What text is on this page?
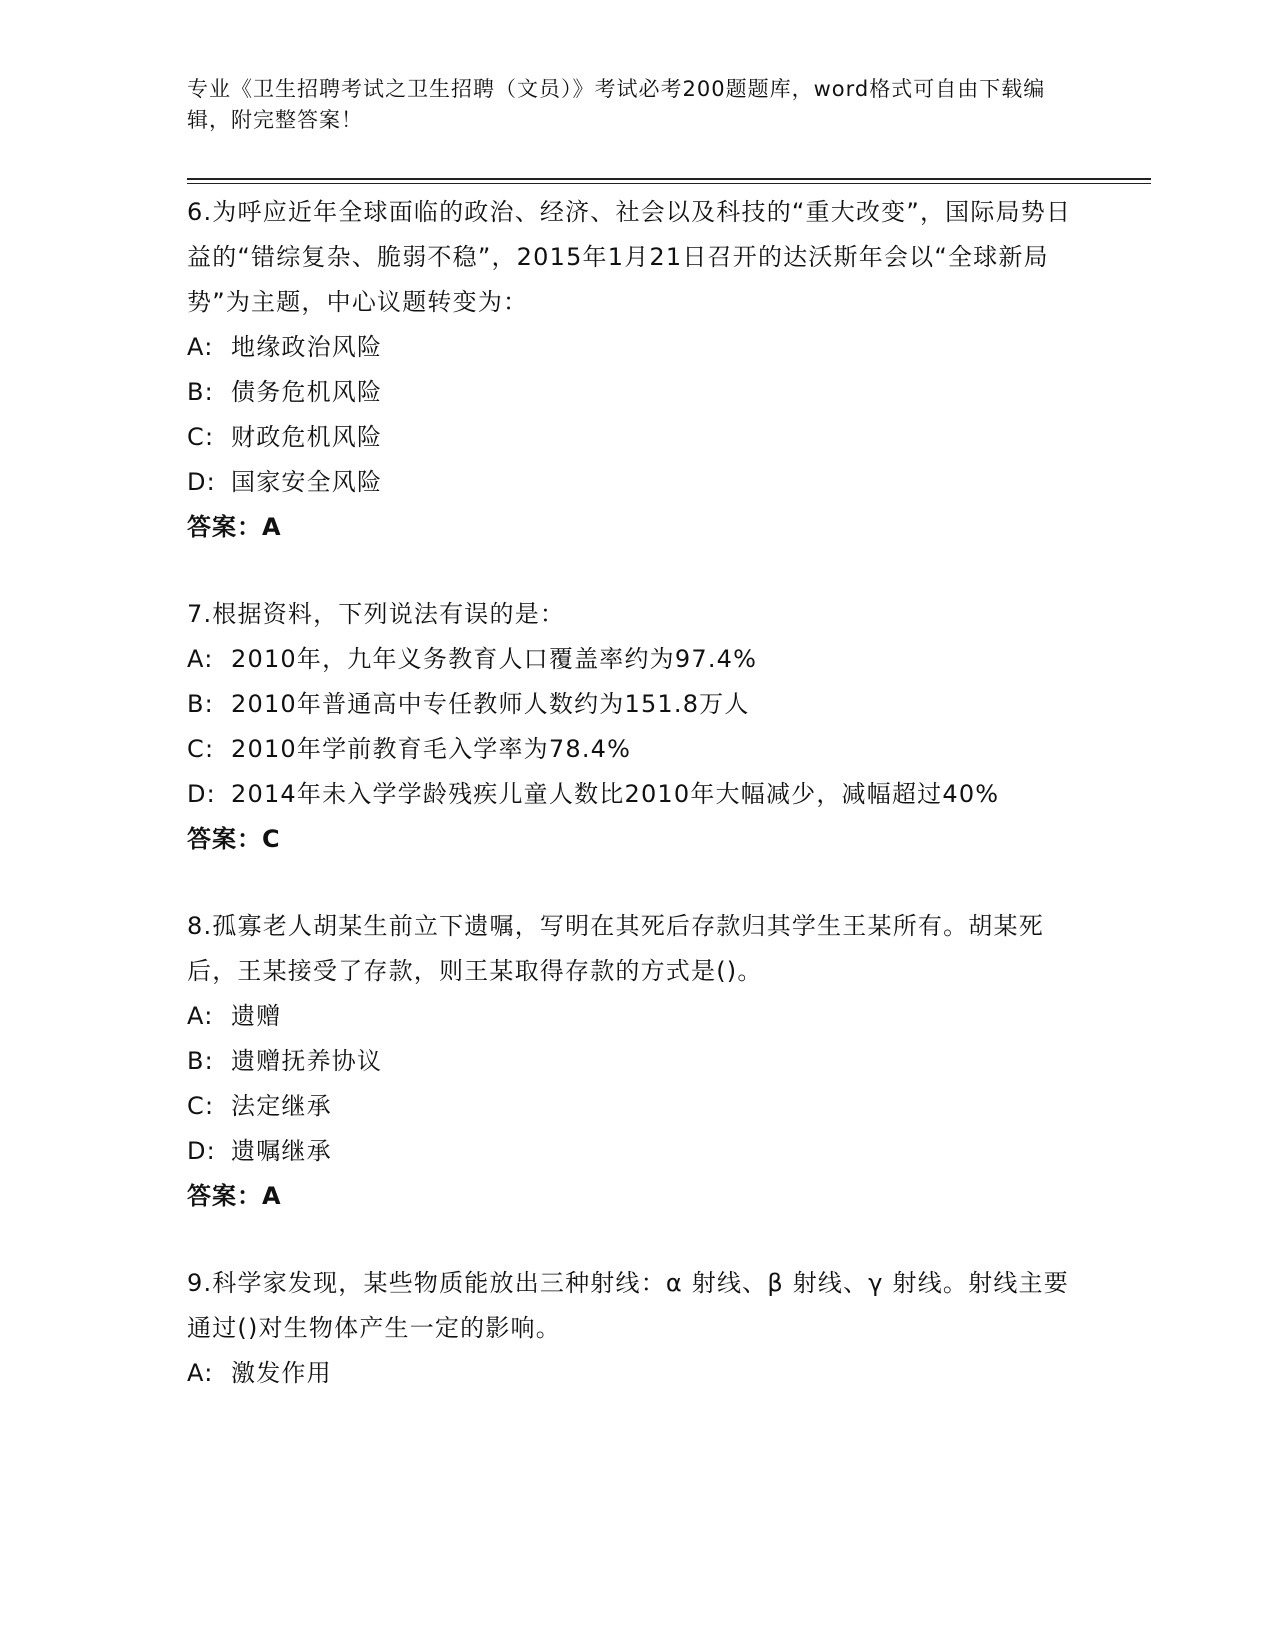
专业《卫生招聘考试之卫生招聘（文员）》考试必考200题题库，word格式可自由下载编辑，附完整答案！

6.为呼应近年全球面临的政治、经济、社会以及科技的“重大改变”，国际局势日益的“错综复杂、脆弱不稳”，2015年1月21日召开的达沃斯年会以“全球新局势”为主题，中心议题转变为：

A: 地缘政治风险

B: 债务危机风险

C: 财政危机风险

D: 国家安全风险

答案：A

7.根据资料，下列说法有误的是：

A: 2010年，九年义务教育人口覆盖率约为97.4%

B: 2010年普通高中专任教师人数约为151.8万人

C: 2010年学前教育毛入学率为78.4%

D: 2014年未入学学龄残疾儿童人数比2010年大幅减少，减幅超过40%

答案：C

8.孤寡老人胡某生前立下遗嘱，写明在其死后存款归其学生王某所有。胡某死后，王某接受了存款，则王某取得存款的方式是()。

A: 遗赠

B: 遗赠抚养协议

C: 法定继承

D: 遗嘱继承

答案：A

9.科学家发现，某些物质能放出三种射线：α 射线、β 射线、γ 射线。射线主要通过()对生物体产生一定的影响。

A: 激发作用
